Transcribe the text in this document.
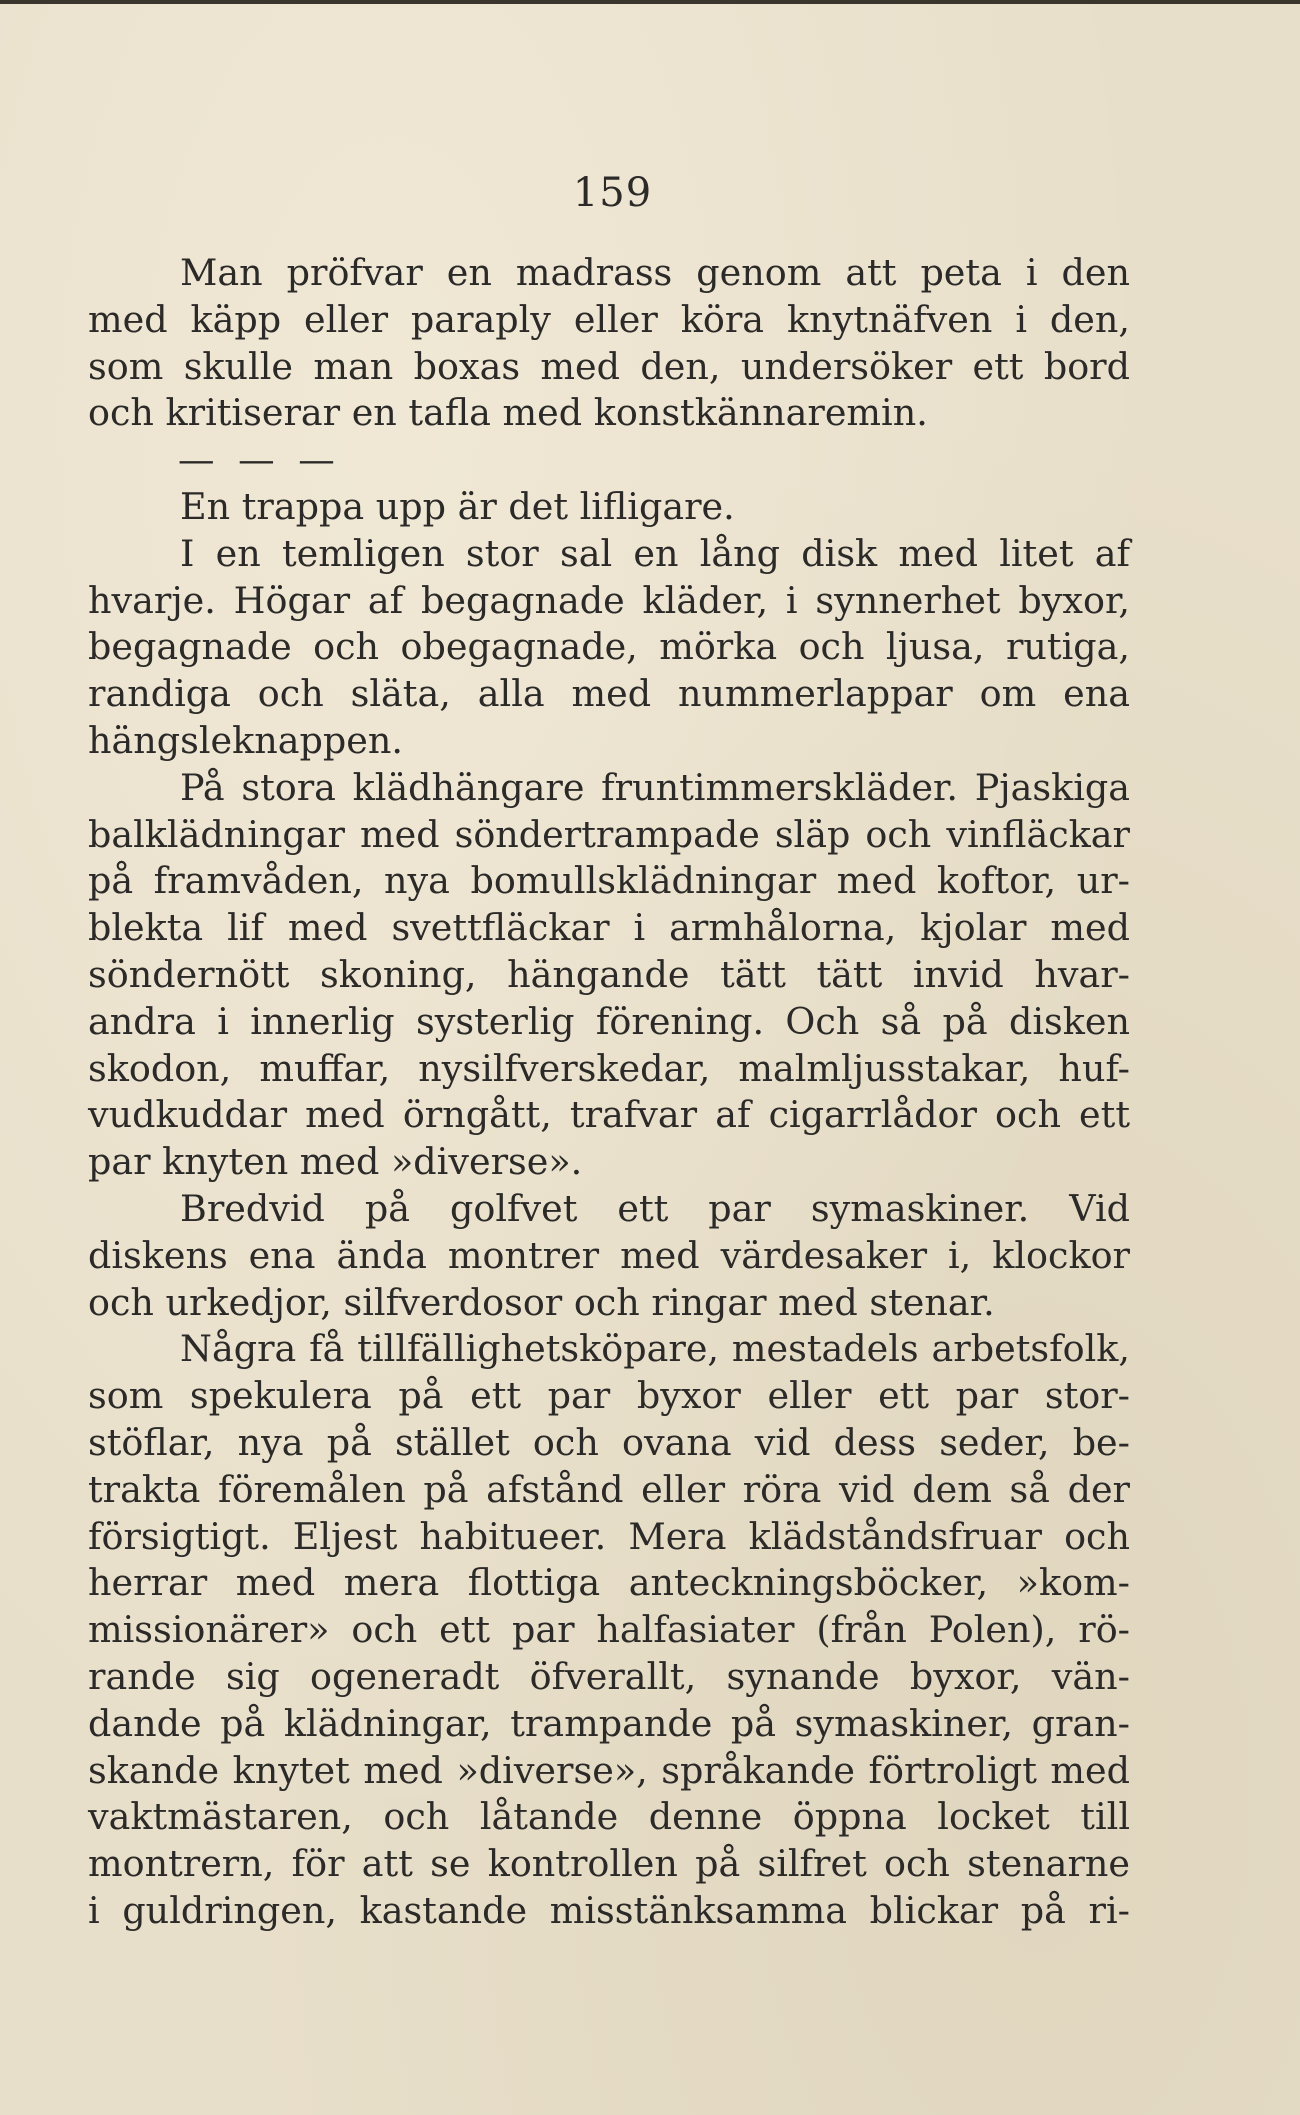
159
Man pröfvar en madrass genom att peta i den
med käpp eller paraply eller köra knytnäfven i den,
som skulle man boxas med den, undersöker ett bord
och kritiserar en tafla med konstkännaremin.
— — —
En trappa upp är det lifligare.
I en temligen stor sal en lång disk med litet af
hvarje. Högar af begagnade kläder, i synnerhet byxor,
begagnade och obegagnade, mörka och ljusa, rutiga,
randiga och släta, alla med nummerlappar om ena
hängsleknappen.
På stora klädhängare fruntimmerskläder. Pjaskiga
balklädningar med söndertrampade släp och vinfläckar
på framvåden, nya bomullsklädningar med koftor, ur-
blekta lif med svettfläckar i armhålorna, kjolar med
söndernött skoning, hängande tätt tätt invid hvar-
andra i innerlig systerlig förening. Och så på disken
skodon, muffar, nysilfverskedar, malmljusstakar, huf-
vudkuddar med örngått, trafvar af cigarrlådor och ett
par knyten med »diverse».
Bredvid på golfvet ett par symaskiner. Vid
diskens ena ända montrer med värdesaker i, klockor
och urkedjor, silfverdosor och ringar med stenar.
Några få tillfällighetsköpare, mestadels arbetsfolk,
som spekulera på ett par byxor eller ett par stor-
stöflar, nya på stället och ovana vid dess seder, be-
trakta föremålen på afstånd eller röra vid dem så der
försigtigt. Eljest habitueer. Mera klädståndsfruar och
herrar med mera flottiga anteckningsböcker, »kom-
missionärer» och ett par halfasiater (från Polen), rö-
rande sig ogeneradt öfverallt, synande byxor, vän-
dande på klädningar, trampande på symaskiner, gran-
skande knytet med »diverse», språkande förtroligt med
vaktmästaren, och låtande denne öppna locket till
montrern, för att se kontrollen på silfret och stenarne
i guldringen, kastande misstänksamma blickar på ri-
